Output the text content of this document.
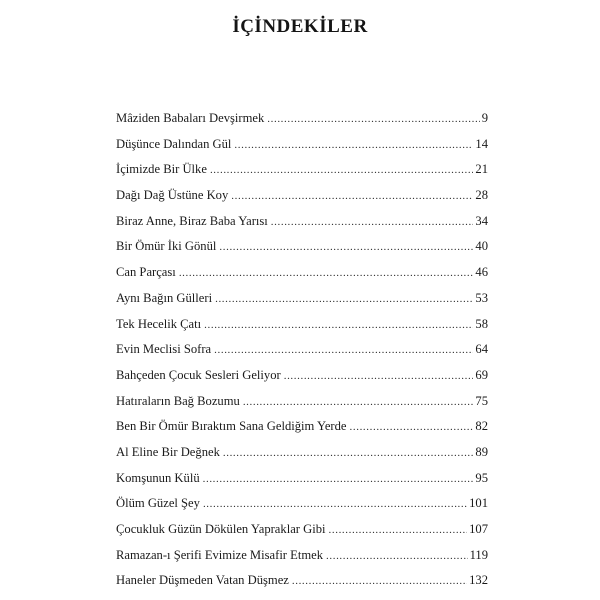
İÇİNDEKİLER
Mâziden Babaları Devşirmek .....	9
Düşünce Dalından Gül .....	14
İçimizde Bir Ülke .....	21
Dağı Dağ Üstüne Koy .....	28
Biraz Anne, Biraz Baba Yarısı .....	34
Bir Ömür İki Gönül .....	40
Can Parçası .....	46
Aynı Bağın Gülleri .....	53
Tek Hecelik Çatı .....	58
Evin Meclisi Sofra .....	64
Bahçeden Çocuk Sesleri Geliyor .....	69
Hatıraların Bağ Bozumu .....	75
Ben Bir Ömür Bıraktım Sana Geldiğim Yerde .....	82
Al Eline Bir Değnek .....	89
Komşunun Külü .....	95
Ölüm Güzel Şey .....	101
Çocukluk Güzün Dökülen Yapraklar Gibi .....	107
Ramazan-ı Şerifi Evimize Misafir Etmek .....	119
Haneler Düşmeden Vatan Düşmez .....	132
